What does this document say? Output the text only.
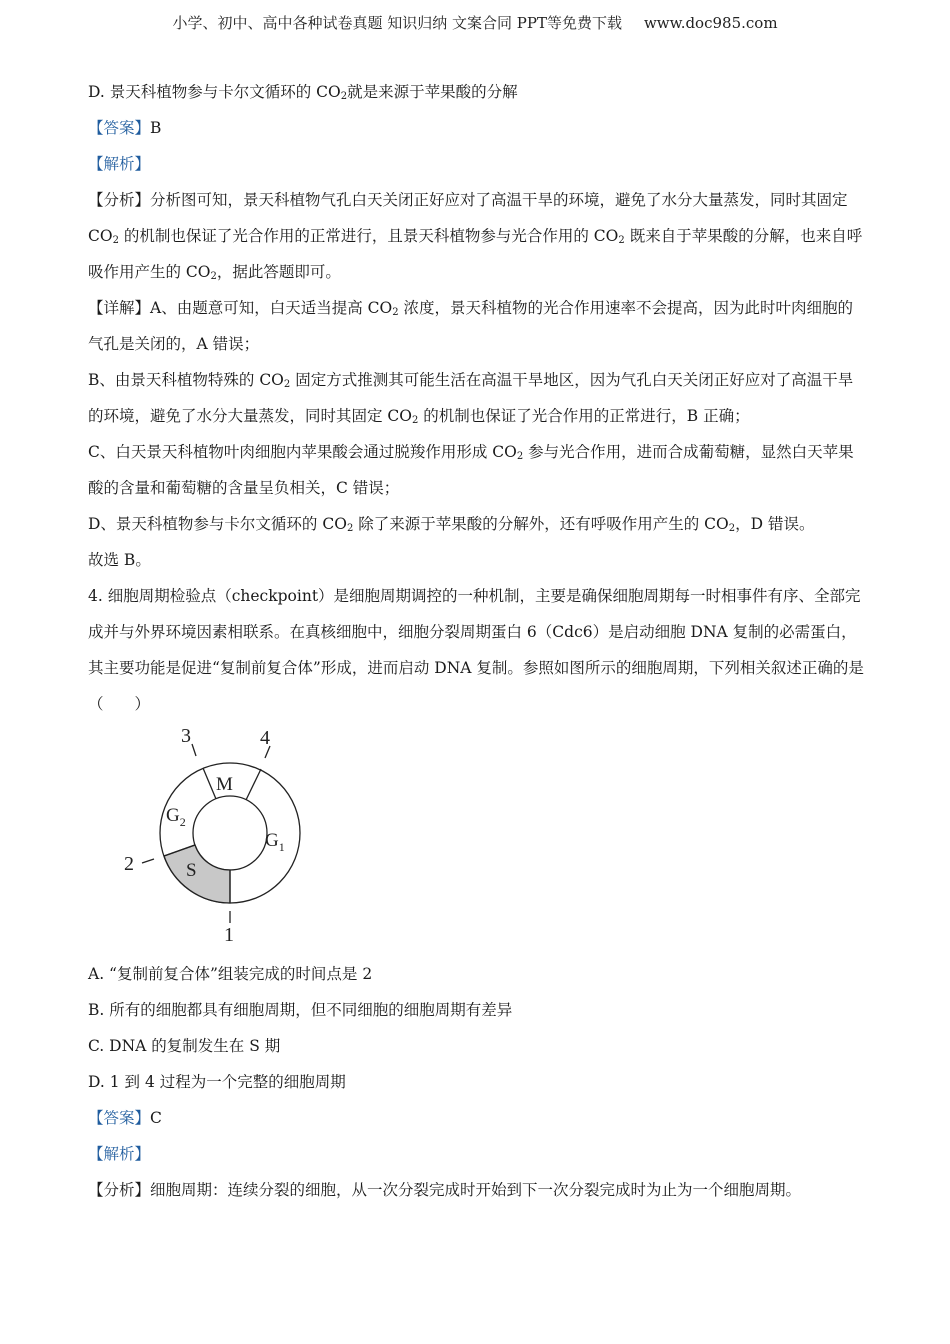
小学、初中、高中各种试卷真题 知识归纳 文案合同 PPT等免费下载 www.doc985.com

D. 景天科植物参与卡尔文循环的 $CO_2$就是来源于苹果酸的分解

【答案】B

【解析】

【分析】分析图可知，景天科植物气孔白天关闭正好应对了高温干旱的环境，避免了水分大量蒸发，同时其固定 $CO_2$ 的机制也保证了光合作用的正常进行，且景天科植物参与光合作用的 $CO_2$ 既来自于苹果酸的分解，也来自呼吸作用产生的 $CO_2$，据此答题即可。

【详解】A、由题意可知，白天适当提高 $CO_2$ 浓度，景天科植物的光合作用速率不会提高，因为此时叶肉细胞的气孔是关闭的，A 错误；

B、由景天科植物特殊的 $CO_2$ 固定方式推测其可能生活在高温干旱地区，因为气孔白天关闭正好应对了高温干旱的环境，避免了水分大量蒸发，同时其固定 $CO_2$ 的机制也保证了光合作用的正常进行，B 正确；

C、白天景天科植物叶肉细胞内苹果酸会通过脱羧作用形成 $CO_2$ 参与光合作用，进而合成葡萄糖，显然白天苹果酸的含量和葡萄糖的含量呈负相关，C 错误；

D、景天科植物参与卡尔文循环的 $CO_2$ 除了来源于苹果酸的分解外，还有呼吸作用产生的 $CO_2$，D 错误。

故选 B。

4. 细胞周期检验点（checkpoint）是细胞周期调控的一种机制，主要是确保细胞周期每一时相事件有序、全部完成并与外界环境因素相联系。在真核细胞中，细胞分裂周期蛋白 6（Cdc6）是启动细胞 DNA 复制的必需蛋白，其主要功能是促进“复制前复合体”形成，进而启动 DNA 复制。参照如图所示的细胞周期，下列相关叙述正确的是（　　）

M
$G_2$
$G_1$
S
1
2
3	4

A. “复制前复合体”组装完成的时间点是 2

B. 所有的细胞都具有细胞周期，但不同细胞的细胞周期有差异

C. DNA 的复制发生在 S 期

D. 1 到 4 过程为一个完整的细胞周期

【答案】C

【解析】

【分析】细胞周期：连续分裂的细胞，从一次分裂完成时开始到下一次分裂完成时为止为一个细胞周期。
